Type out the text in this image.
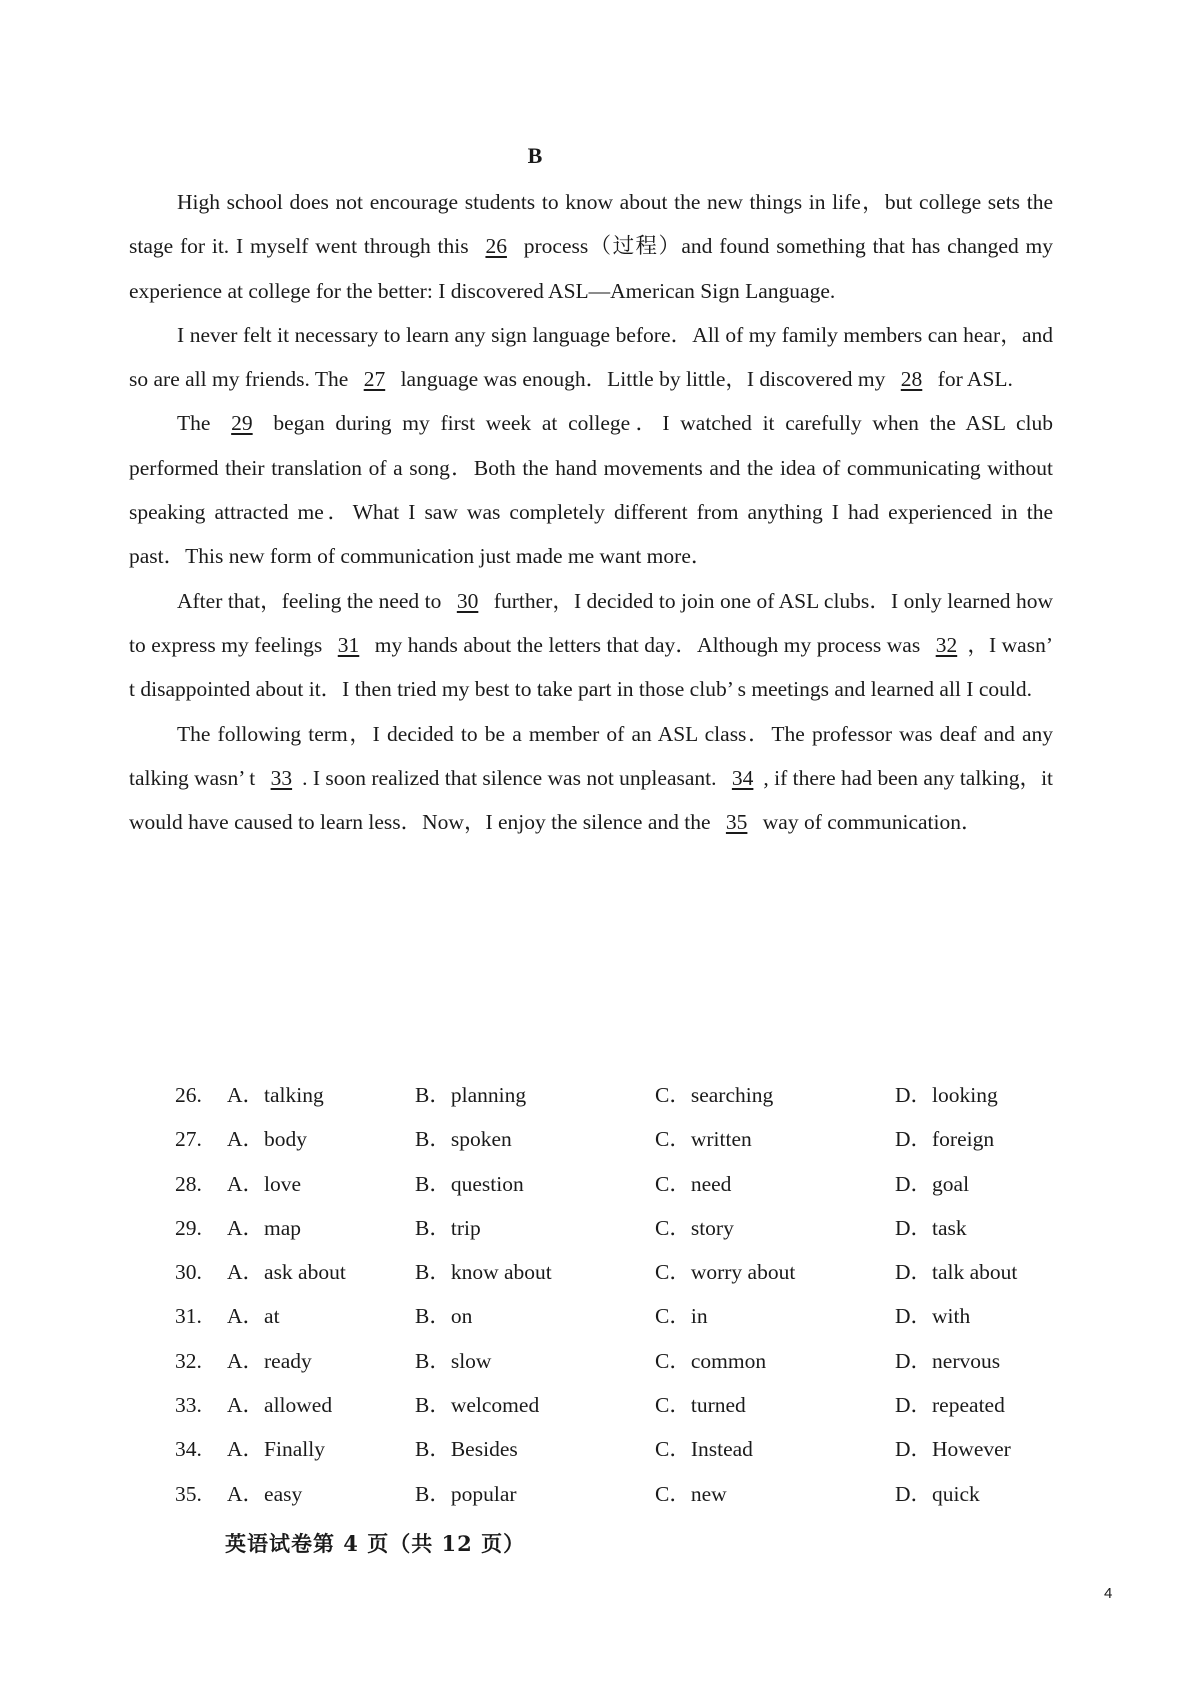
B

High school does not encourage students to know about the new things in life，but college sets the stage for it. I myself went through this 26 process（过程）and found something that has changed my experience at college for the better: I discovered ASL—American Sign Language.

I never felt it necessary to learn any sign language before．All of my family members can hear，and so are all my friends. The 27 language was enough．Little by little，I discovered my 28 for ASL.

The 29 began during my first week at college．I watched it carefully when the ASL club performed their translation of a song．Both the hand movements and the idea of communicating without speaking attracted me．What I saw was completely different from anything I had experienced in the past．This new form of communication just made me want more．

After that，feeling the need to 30 further，I decided to join one of ASL clubs．I only learned how to express my feelings 31 my hands about the letters that day．Although my process was 32 ，I wasn’ t disappointed about it．I then tried my best to take part in those club’ s meetings and learned all I could.

The following term，I decided to be a member of an ASL class．The professor was deaf and any talking wasn’ t 33 . I soon realized that silence was not unpleasant. 34 , if there had been any talking，it would have caused to learn less．Now，I enjoy the silence and the 35 way of communication．

26. A．talking	B．planning	C．searching	D．looking
27. A．body	B．spoken	C．written	D．foreign
28. A．love	B．question	C．need	D．goal
29. A．map	B．trip	C．story	D．task
30. A．ask about	B．know about	C．worry about	D．talk about
31. A．at	B．on	C．in	D．with
32. A．ready	B．slow	C．common	D．nervous
33. A．allowed	B．welcomed	C．turned	D．repeated
34. A．Finally	B．Besides	C．Instead	D．However
35. A．easy	B．popular	C．new	D．quick
英语试卷第 4 页（共 12 页）
4
